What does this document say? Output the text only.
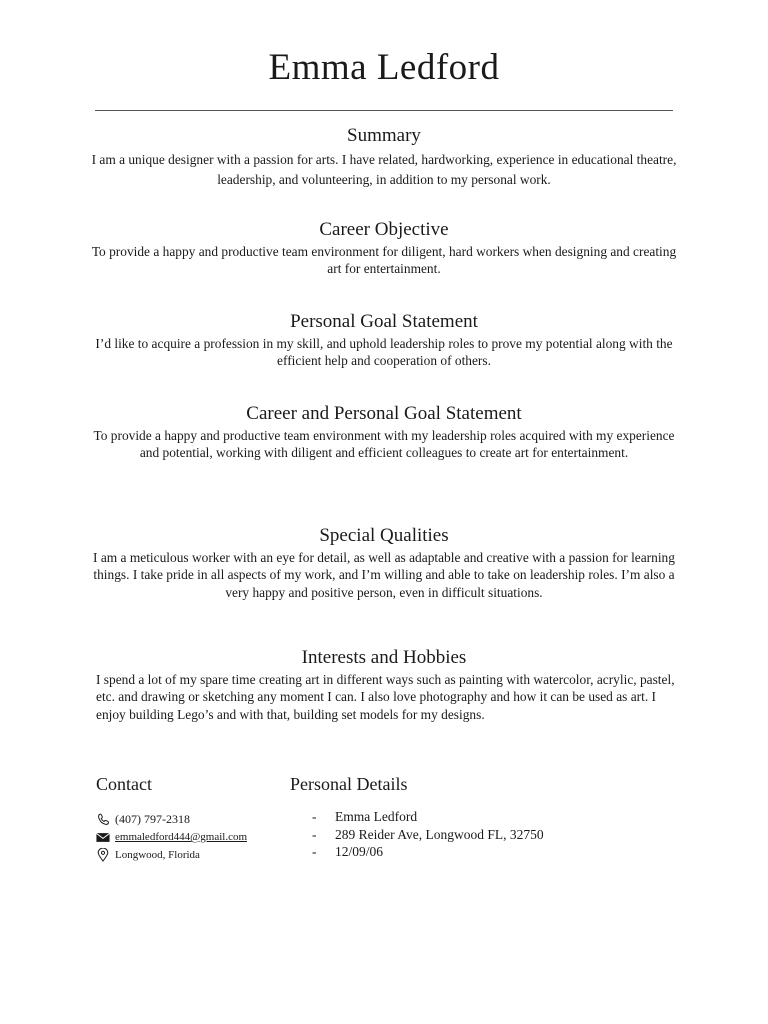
Emma Ledford
Summary

I am a unique designer with a passion for arts. I have related, hardworking, experience in educational theatre, leadership, and volunteering, in addition to my personal work.

Career Objective

To provide a happy and productive team environment for diligent, hard workers when designing and creating art for entertainment.

Personal Goal Statement

I’d like to acquire a profession in my skill, and uphold leadership roles to prove my potential along with the efficient help and cooperation of others.

Career and Personal Goal Statement

To provide a happy and productive team environment with my leadership roles acquired with my experience and potential, working with diligent and efficient colleagues to create art for entertainment.

Special Qualities

I am a meticulous worker with an eye for detail, as well as adaptable and creative with a passion for learning things. I take pride in all aspects of my work, and I’m willing and able to take on leadership roles. I’m also a very happy and positive person, even in difficult situations.

Interests and Hobbies

I spend a lot of my spare time creating art in different ways such as painting with watercolor, acrylic, pastel, etc. and drawing or sketching any moment I can. I also love photography and how it can be used as art. I enjoy building Lego’s and with that, building set models for my designs.

Contact
(407) 797-2318
emmaledford444@gmail.com
Longwood, Florida
Personal Details
-	Emma Ledford
-	289 Reider Ave, Longwood FL, 32750
-	12/09/06
